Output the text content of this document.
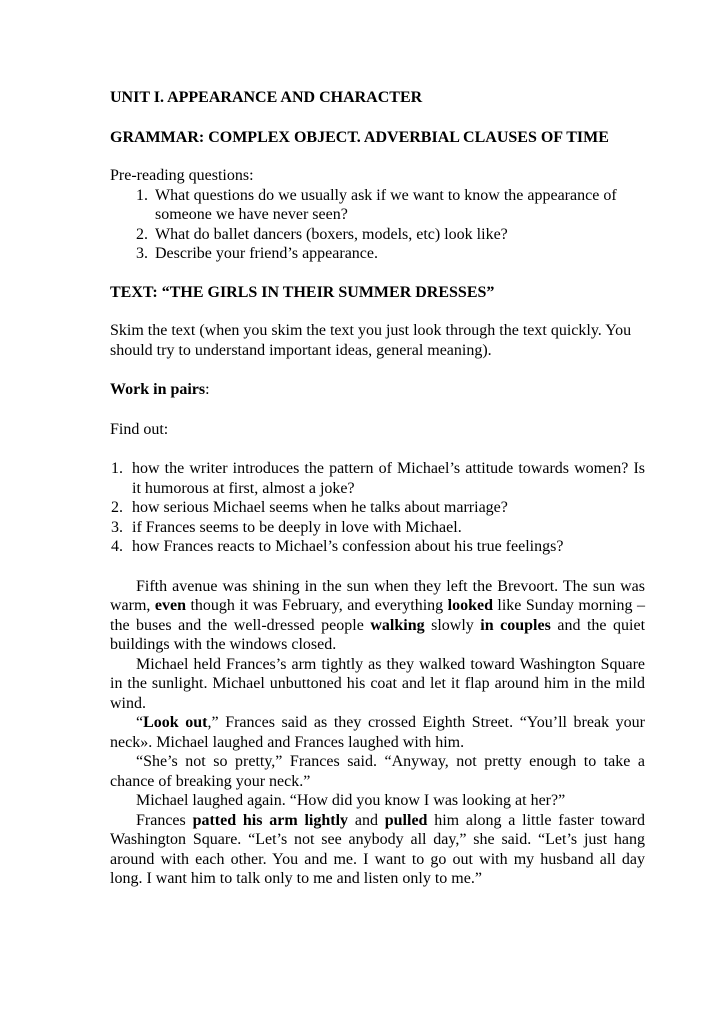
UNIT I. APPEARANCE AND CHARACTER

GRAMMAR: COMPLEX OBJECT. ADVERBIAL CLAUSES OF TIME

Pre-reading questions:

1. What questions do we usually ask if we want to know the appearance of someone we have never seen?
2. What do ballet dancers (boxers, models, etc) look like?
3. Describe your friend’s appearance.

TEXT: “THE GIRLS IN THEIR SUMMER DRESSES”

Skim the text (when you skim the text you just look through the text quickly. You should try to understand important ideas, general meaning).

Work in pairs:

Find out:

1. how the writer introduces the pattern of Michael’s attitude towards women? Is it humorous at first, almost a joke?
2. how serious Michael seems when he talks about marriage?
3. if Frances seems to be deeply in love with Michael.
4. how Frances reacts to Michael’s confession about his true feelings?

Fifth avenue was shining in the sun when they left the Brevoort. The sun was warm, even though it was February, and everything looked like Sunday morning – the buses and the well-dressed people walking slowly in couples and the quiet buildings with the windows closed.

Michael held Frances’s arm tightly as they walked toward Washington Square in the sunlight. Michael unbuttoned his coat and let it flap around him in the mild wind.

“Look out,” Frances said as they crossed Eighth Street. “You’ll break your neck». Michael laughed and Frances laughed with him.

“She’s not so pretty,” Frances said. “Anyway, not pretty enough to take a chance of breaking your neck.”

Michael laughed again. “How did you know I was looking at her?”

Frances patted his arm lightly and pulled him along a little faster toward Washington Square. “Let’s not see anybody all day,” she said. “Let’s just hang around with each other. You and me. I want to go out with my husband all day long. I want him to talk only to me and listen only to me.”
